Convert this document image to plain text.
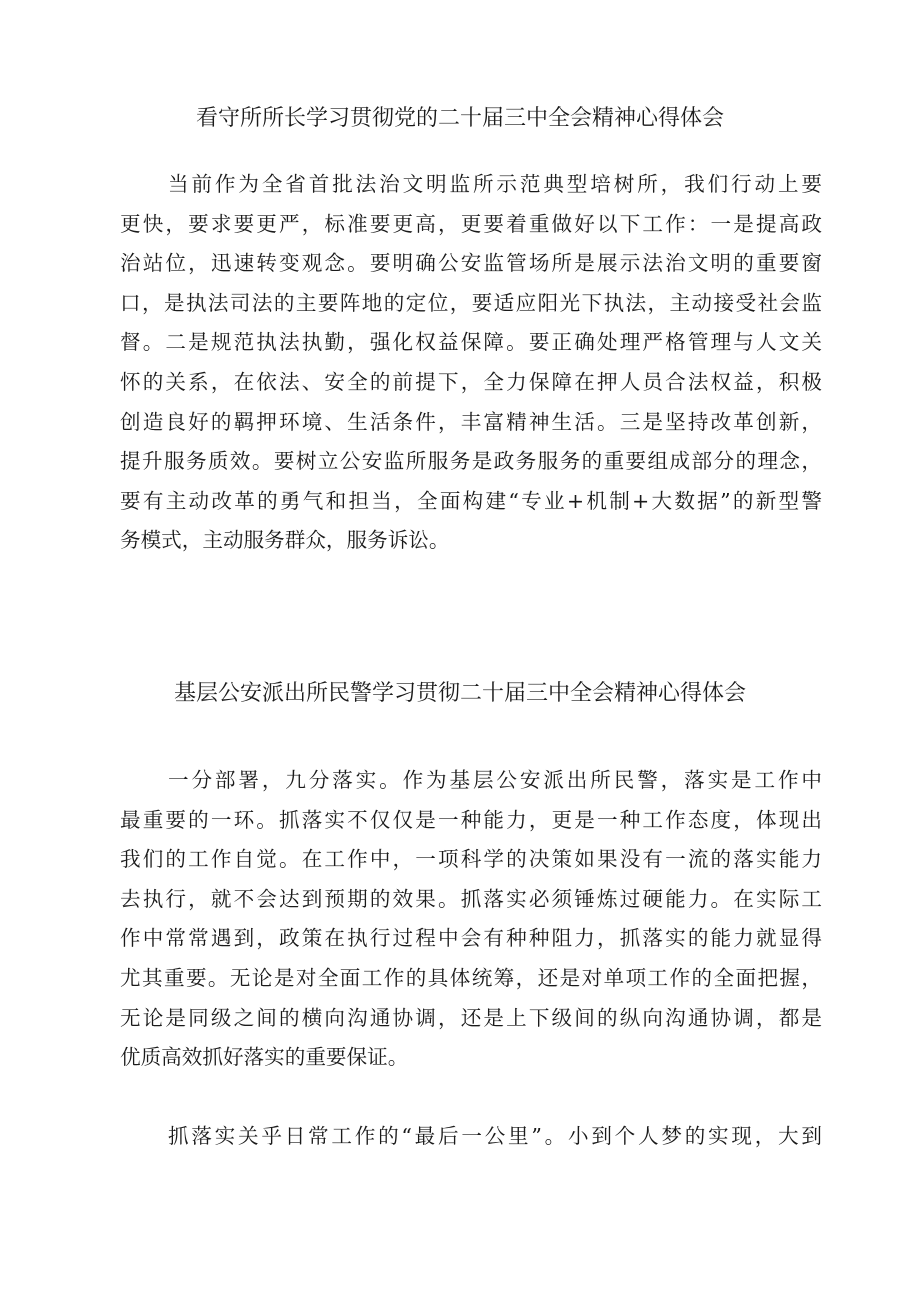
看守所所长学习贯彻党的二十届三中全会精神心得体会
当前作为全省首批法治文明监所示范典型培树所，我们行动上要
更快，要求要更严，标准要更高，更要着重做好以下工作：一是提高政
治站位，迅速转变观念。要明确公安监管场所是展示法治文明的重要窗
口，是执法司法的主要阵地的定位，要适应阳光下执法，主动接受社会监
督。二是规范执法执勤，强化权益保障。要正确处理严格管理与人文关
怀的关系，在依法、安全的前提下，全力保障在押人员合法权益，积极
创造良好的羁押环境、生活条件，丰富精神生活。三是坚持改革创新，
提升服务质效。要树立公安监所服务是政务服务的重要组成部分的理念，
要有主动改革的勇气和担当，全面构建“专业+机制+大数据”的新型警
务模式，主动服务群众，服务诉讼。
基层公安派出所民警学习贯彻二十届三中全会精神心得体会
一分部署，九分落实。作为基层公安派出所民警，落实是工作中
最重要的一环。抓落实不仅仅是一种能力，更是一种工作态度，体现出
我们的工作自觉。在工作中，一项科学的决策如果没有一流的落实能力
去执行，就不会达到预期的效果。抓落实必须锤炼过硬能力。在实际工
作中常常遇到，政策在执行过程中会有种种阻力，抓落实的能力就显得
尤其重要。无论是对全面工作的具体统筹，还是对单项工作的全面把握，
无论是同级之间的横向沟通协调，还是上下级间的纵向沟通协调，都是
优质高效抓好落实的重要保证。
抓落实关乎日常工作的“最后一公里”。小到个人梦的实现，大到
